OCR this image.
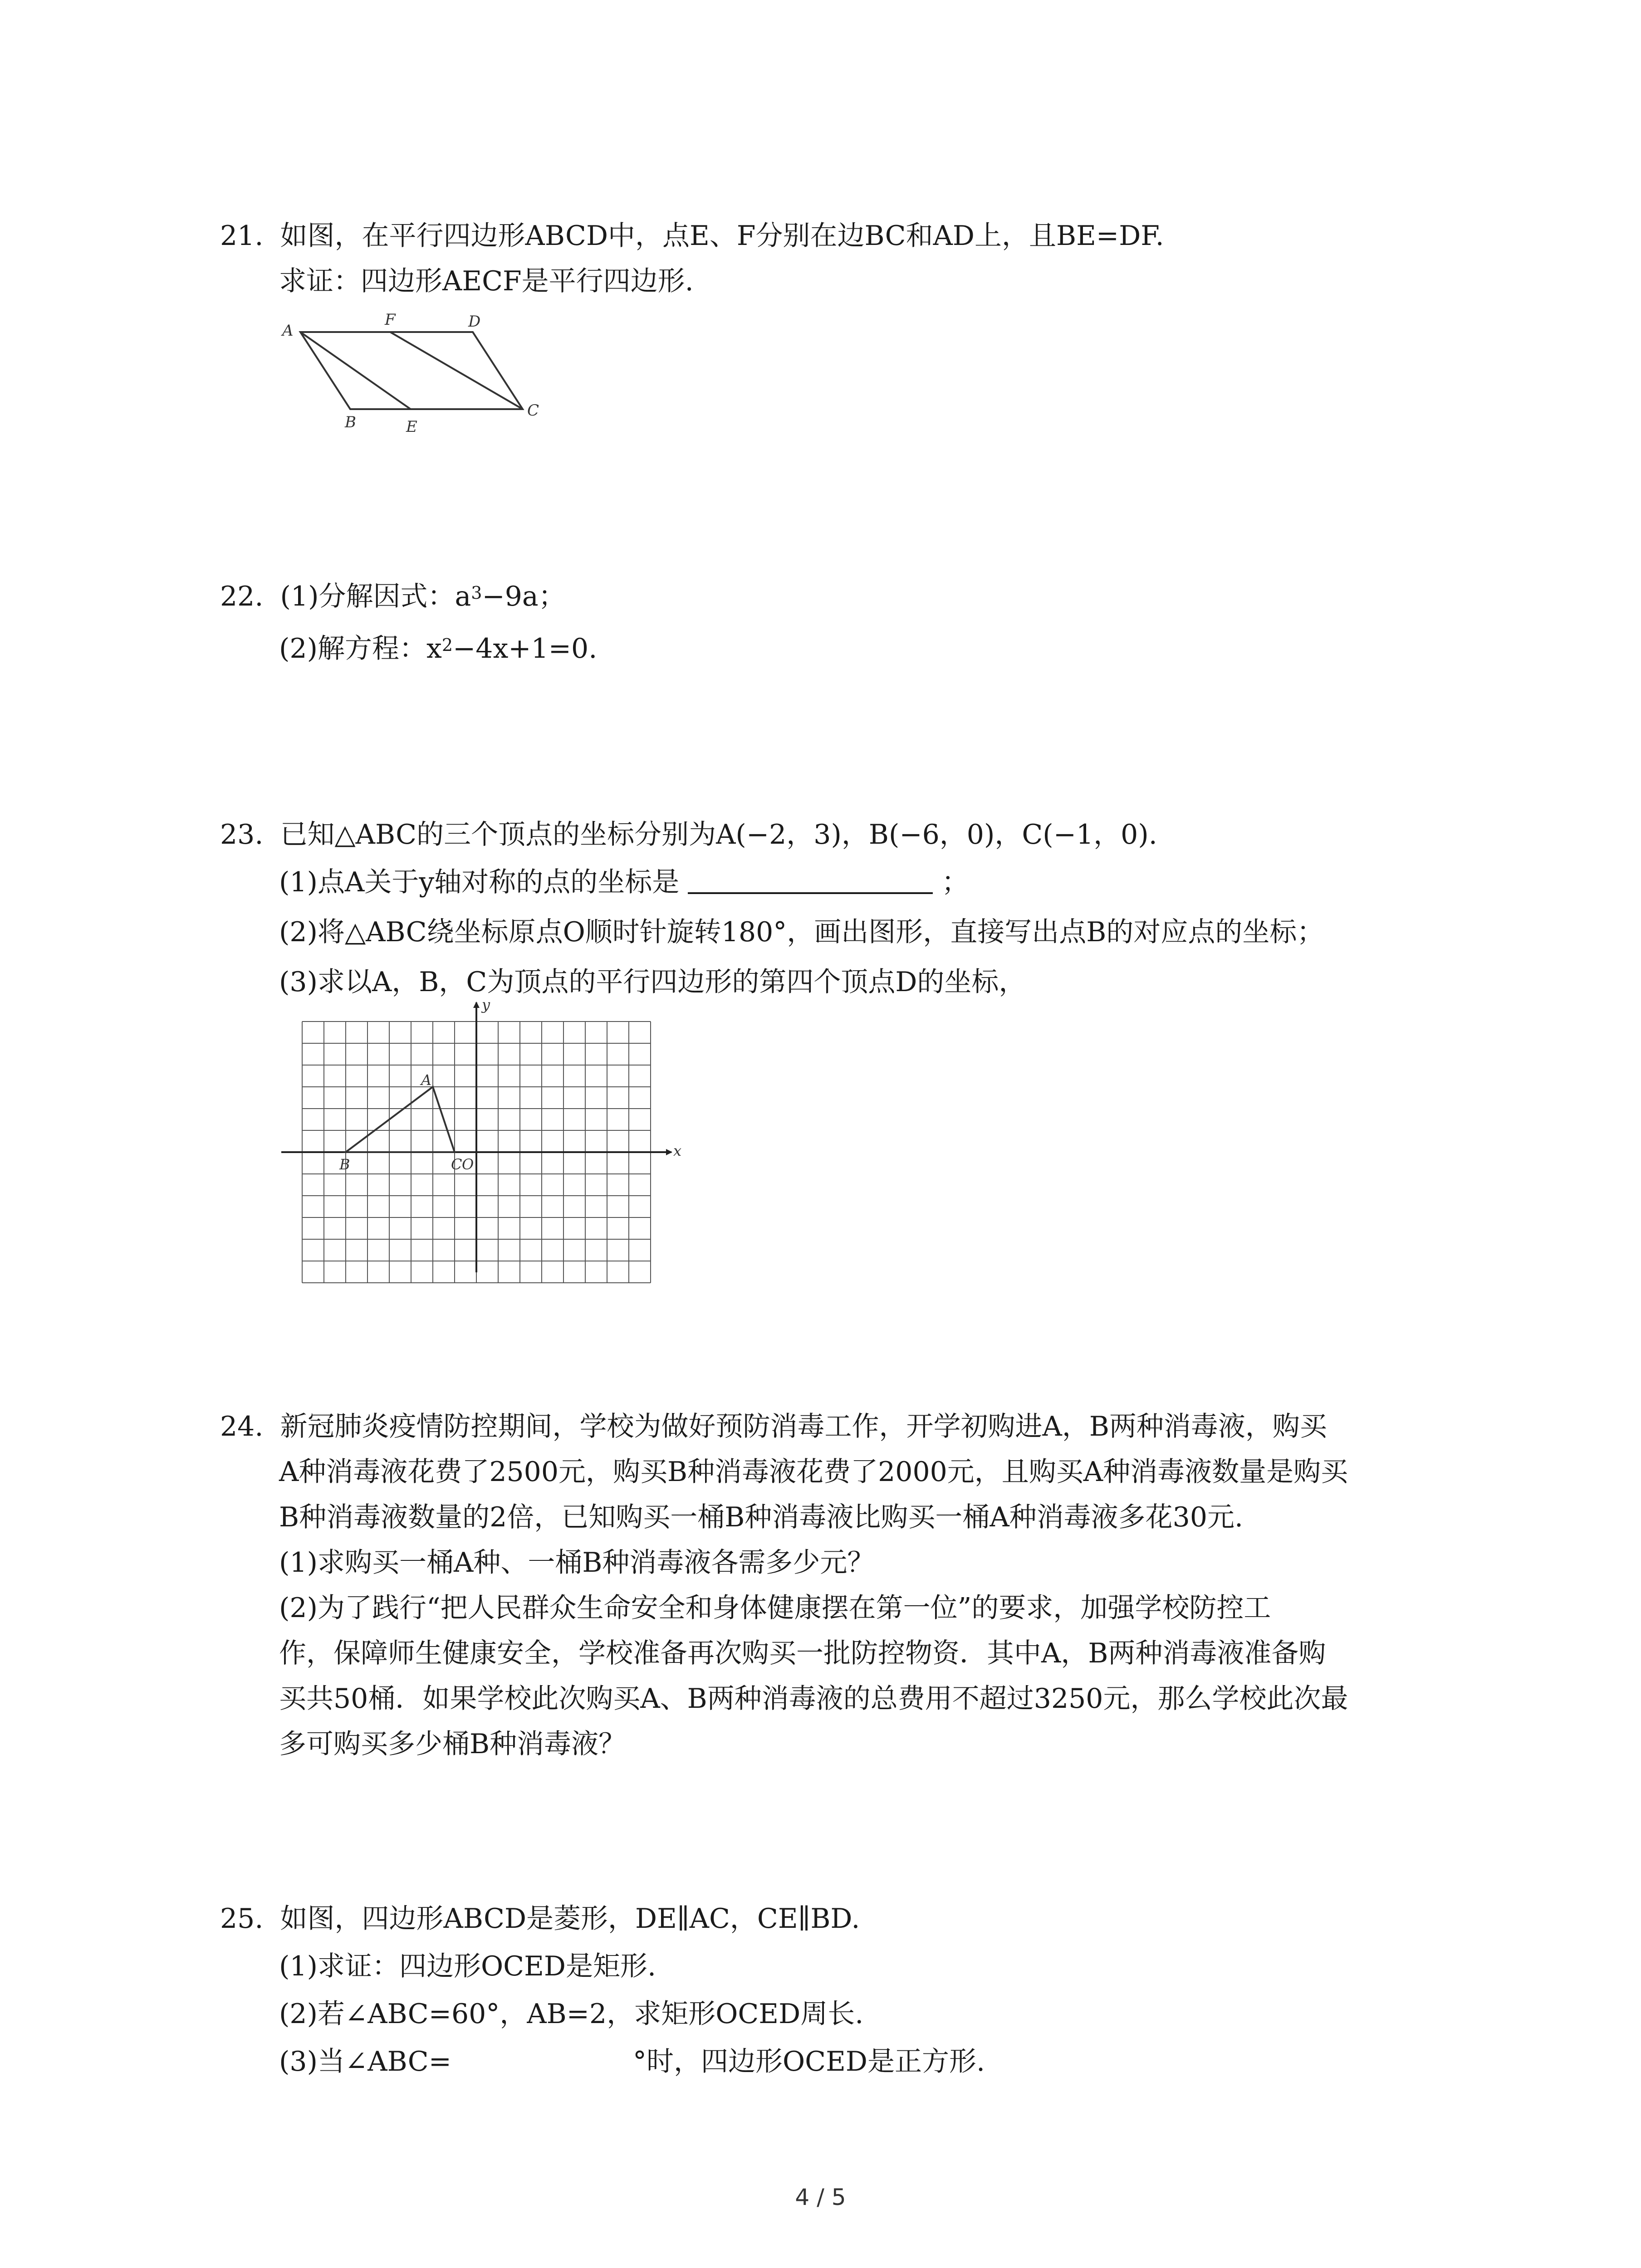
21. 如图，在平行四边形ABCD中，点E、F分别在边BC和AD上，且BE=DF.
求证：四边形AECF是平行四边形.
A
F	D
B	E
C
22. (1)分解因式：$a^3-9a$；
(2)解方程：$x^2-4x+1=0$.
23. 已知△ABC的三个顶点的坐标分别为A(−2，3)，B(−6，0)，C(−1，0).
(1)点A关于y轴对称的点的坐标是	；
(2)将△ABC绕坐标原点O顺时针旋转180°，画出图形，直接写出点B的对应点的坐标；
(3)求以A，B，C为顶点的平行四边形的第四个顶点D的坐标，
y
x
A
B	C O
24. 新冠肺炎疫情防控期间，学校为做好预防消毒工作，开学初购进A，B两种消毒液，购买
A种消毒液花费了2500元，购买B种消毒液花费了2000元，且购买A种消毒液数量是购买
B种消毒液数量的2倍，已知购买一桶B种消毒液比购买一桶A种消毒液多花30元.
(1)求购买一桶A种、一桶B种消毒液各需多少元？
(2)为了践行“把人民群众生命安全和身体健康摆在第一位”的要求，加强学校防控工
作，保障师生健康安全，学校准备再次购买一批防控物资．其中A，B两种消毒液准备购
买共50桶．如果学校此次购买A、B两种消毒液的总费用不超过3250元，那么学校此次最
多可购买多少桶B种消毒液？
25. 如图，四边形ABCD是菱形，DE∥AC，CE∥BD.
(1)求证：四边形OCED是矩形.
(2)若∠ABC=60°，AB=2，求矩形OCED周长.
(3)当∠ABC=	°时，四边形OCED是正方形.
4 / 5
